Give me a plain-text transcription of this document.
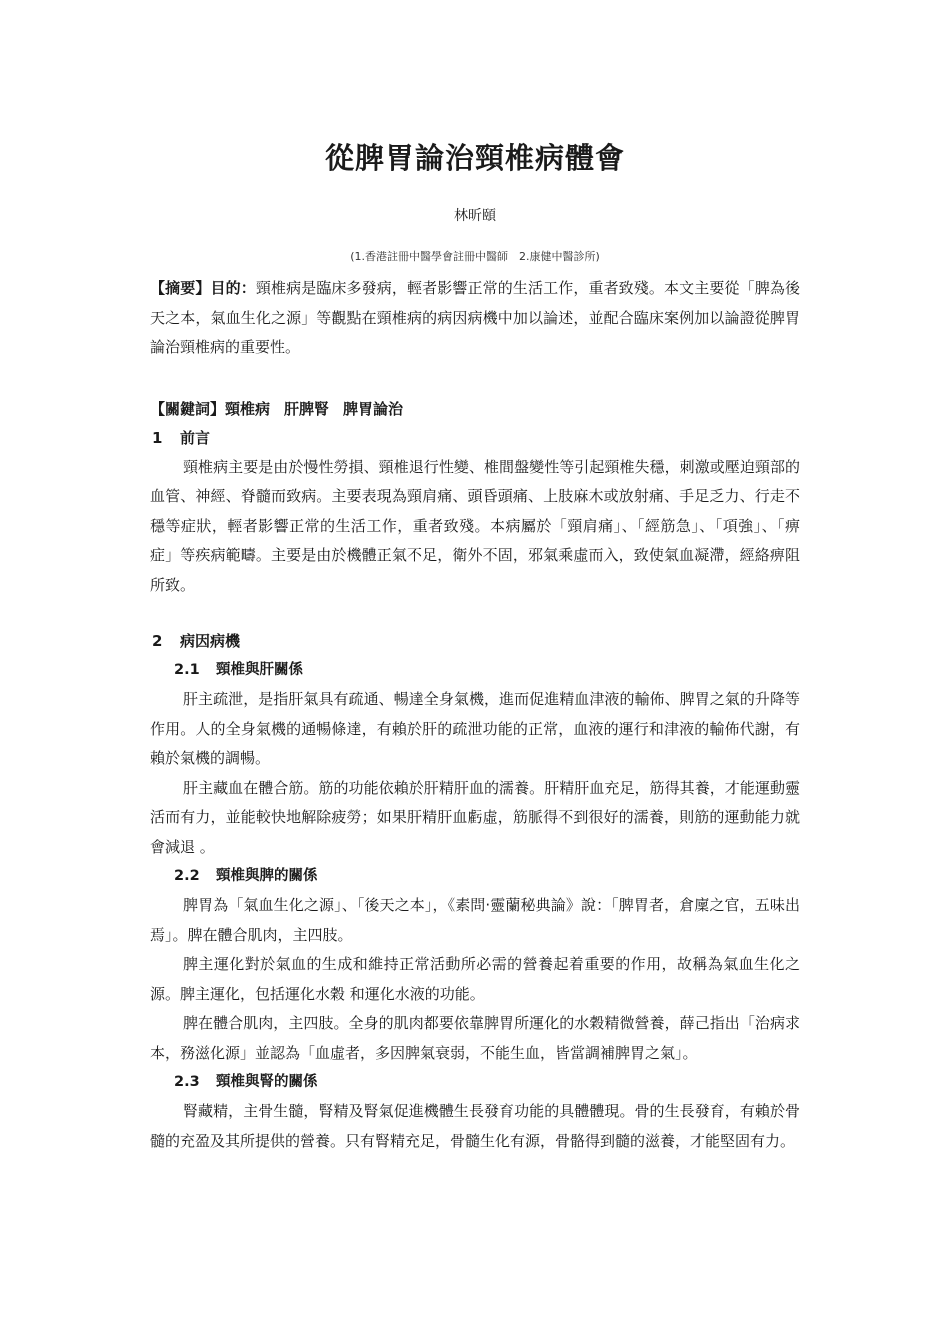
從脾胃論治頸椎病體會
林昕頤
(1.香港註冊中醫學會註冊中醫師　2.康健中醫診所)

【摘要】目的：頸椎病是臨床多發病，輕者影響正常的生活工作，重者致殘。本文主要從「脾為後天之本，氣血生化之源」等觀點在頸椎病的病因病機中加以論述，並配合臨床案例加以論證從脾胃論治頸椎病的重要性。

【關鍵詞】頸椎病 肝脾腎 脾胃論治
1 前言

頸椎病主要是由於慢性勞損、頸椎退行性變、椎間盤變性等引起頸椎失穩，刺激或壓迫頸部的血管、神經、脊髓而致病。主要表現為頸肩痛、頭昏頭痛、上肢麻木或放射痛、手足乏力、行走不穩等症狀，輕者影響正常的生活工作，重者致殘。本病屬於「頸肩痛」、「經筋急」、「項強」、「痹症」等疾病範疇。主要是由於機體正氣不足，衛外不固，邪氣乘虛而入，致使氣血凝滯，經絡痹阻所致。

2 病因病機
2.1 頸椎與肝關係

肝主疏泄，是指肝氣具有疏通、暢達全身氣機，進而促進精血津液的輸佈、脾胃之氣的升降等作用。人的全身氣機的通暢條達，有賴於肝的疏泄功能的正常，血液的運行和津液的輸佈代謝，有賴於氣機的調暢。

肝主藏血在體合筋。筋的功能依賴於肝精肝血的濡養。肝精肝血充足，筋得其養，才能運動靈活而有力，並能較快地解除疲勞；如果肝精肝血虧虛，筋脈得不到很好的濡養，則筋的運動能力就會減退 。

2.2 頸椎與脾的關係

脾胃為「氣血生化之源」、「後天之本」，《素問·靈蘭秘典論》說：「脾胃者，倉廩之官，五味出焉」。脾在體合肌肉，主四肢。

脾主運化對於氣血的生成和維持正常活動所必需的營養起着重要的作用，故稱為氣血生化之源。脾主運化，包括運化水穀 和運化水液的功能。

脾在體合肌肉，主四肢。全身的肌肉都要依靠脾胃所運化的水穀精微營養，薛己指出「治病求本，務滋化源」並認為「血虛者，多因脾氣衰弱，不能生血，皆當調補脾胃之氣」。

2.3 頸椎與腎的關係

腎藏精，主骨生髓，腎精及腎氣促進機體生長發育功能的具體體現。骨的生長發育，有賴於骨髓的充盈及其所提供的營養。只有腎精充足，骨髓生化有源，骨骼得到髓的滋養，才能堅固有力。
